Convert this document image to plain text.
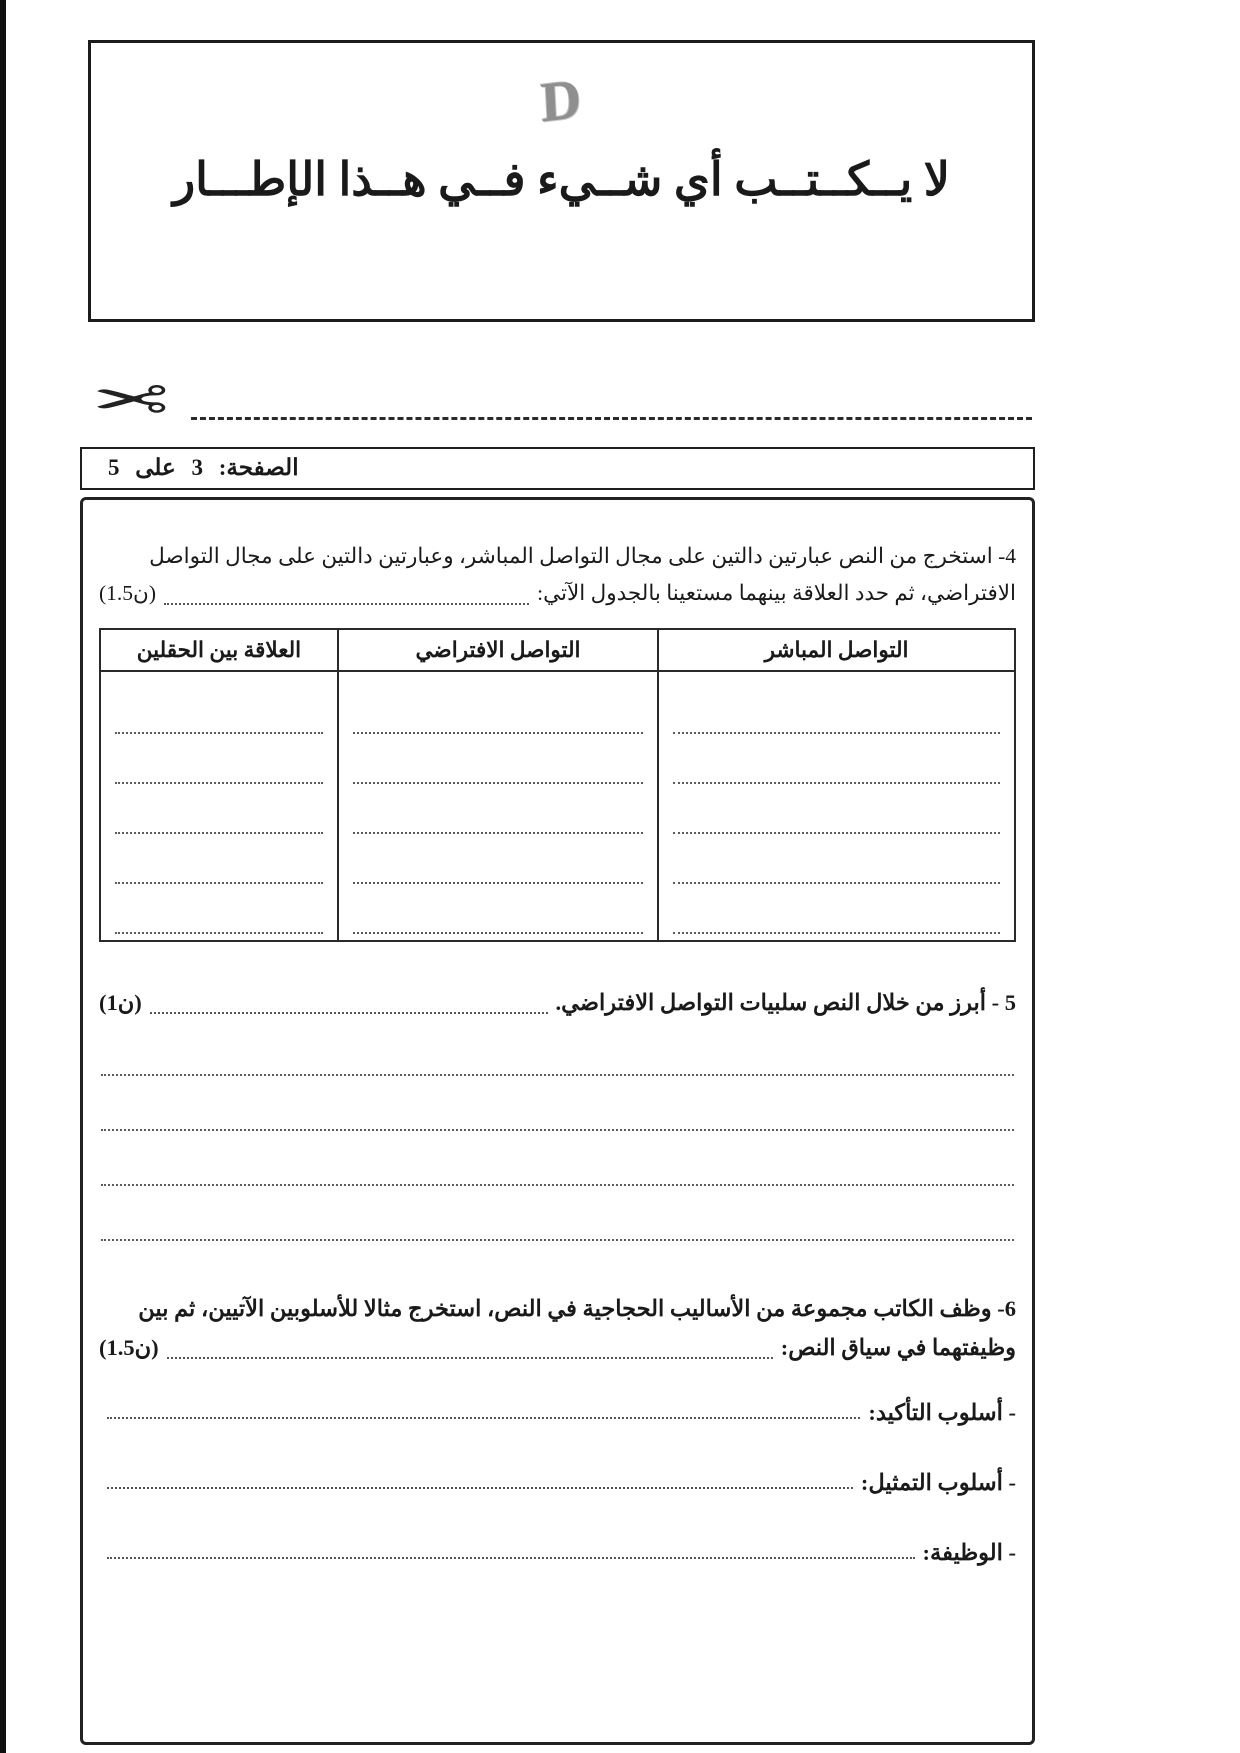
D
لا يــكــتــب أي شــيء فــي هــذا الإطـــار
✂
الصفحة: 3 على 5
4- استخرج من النص عبارتين دالتين على مجال التواصل المباشر، وعبارتين دالتين على مجال التواصل
الافتراضي، ثم حدد العلاقة بينهما مستعينا بالجدول الآتي:
(1.5ن)
التواصل المباشر	التواصل الافتراضي	العلاقة بين الحقلين

5 - أبرز من خلال النص سلبيات التواصل الافتراضي.
(1ن)
6- وظف الكاتب مجموعة من الأساليب الحجاجية في النص، استخرج مثالا للأسلوبين الآتيين، ثم بين
وظيفتهما في سياق النص:
(1.5ن)
- أسلوب التأكيد:
- أسلوب التمثيل:
- الوظيفة:
